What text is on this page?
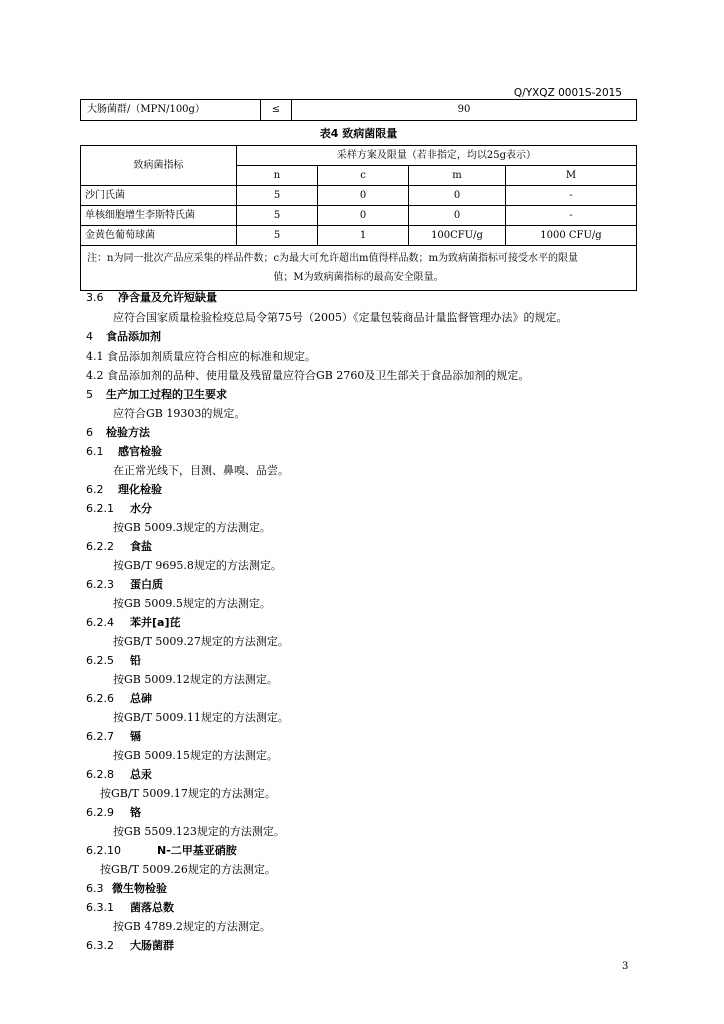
Q/YXQZ 0001S-2015
大肠菌群/（MPN/100g）	≤	90
表4 致病菌限量
致病菌指标	采样方案及限量（若非指定，均以25g表示）			
	n	c	m	M
沙门氏菌	5	0	0	-
单核细胞增生李斯特氏菌	5	0	0	-
金黄色葡萄球菌	5	1	100CFU/g	1000 CFU/g

注：n为同一批次产品应采集的样品件数；c为最大可允许超出m值得样品数；m为致病菌指标可接受水平的限量
值；M为致病菌指标的最高安全限量。				
3.6 净含量及允许短缺量
应符合国家质量检验检疫总局令第75号（2005）《定量包装商品计量监督管理办法》的规定。
4 食品添加剂
4.1 食品添加剂质量应符合相应的标准和规定。
4.2 食品添加剂的品种、使用量及残留量应符合GB 2760及卫生部关于食品添加剂的规定。
5 生产加工过程的卫生要求
应符合GB 19303的规定。
6 检验方法
6.1 感官检验
在正常光线下，目测、鼻嗅、品尝。
6.2 理化检验
6.2.1 水分
按GB 5009.3规定的方法测定。
6.2.2 食盐
按GB/T 9695.8规定的方法测定。
6.2.3 蛋白质
按GB 5009.5规定的方法测定。
6.2.4 苯并[a]芘
按GB/T 5009.27规定的方法测定。
6.2.5 铅
按GB 5009.12规定的方法测定。
6.2.6 总砷
按GB/T 5009.11规定的方法测定。
6.2.7 镉
按GB 5009.15规定的方法测定。
6.2.8 总汞
按GB/T 5009.17规定的方法测定。
6.2.9 铬
按GB 5509.123规定的方法测定。
6.2.10	N-二甲基亚硝胺
按GB/T 5009.26规定的方法测定。
6.3 微生物检验
6.3.1 菌落总数
按GB 4789.2规定的方法测定。
6.3.2 大肠菌群
3
